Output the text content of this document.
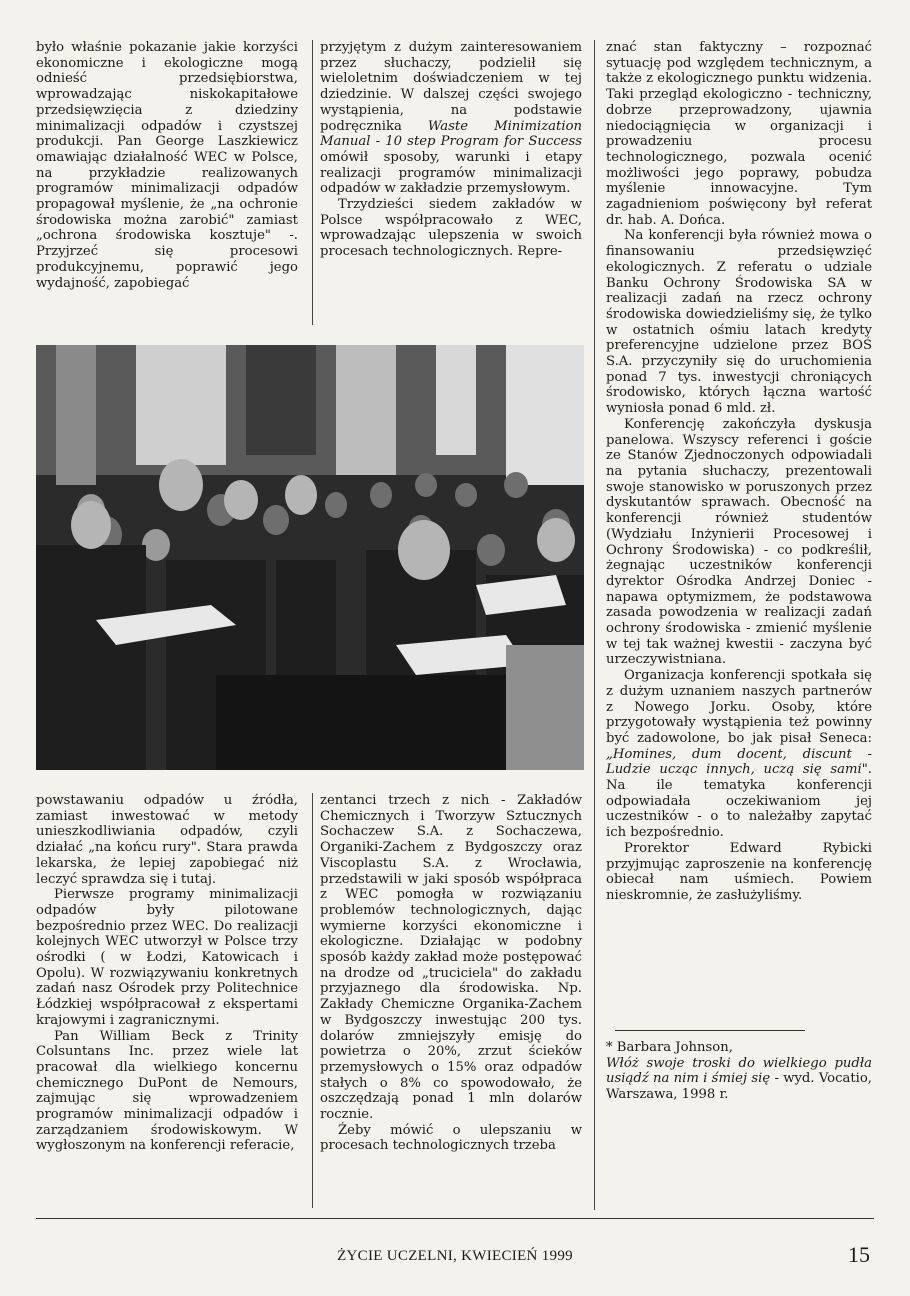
było właśnie pokazanie jakie korzyści ekonomiczne i ekologiczne mogą odnieść przedsiębiorstwa, wprowadzając niskokapitałowe przedsięwzięcia z dziedziny minimalizacji odpadów i czystszej produkcji. Pan George Laszkiewicz omawiając działalność WEC w Polsce, na przykładzie realizowanych programów minimalizacji odpadów propagował myślenie, że „na ochronie środowiska można zarobić" zamiast „ochrona środowiska kosztuje" -. Przyjrzeć się procesowi produkcyjnemu, poprawić jego wydajność, zapobiegać

przyjętym z dużym zainteresowaniem przez słuchaczy, podzielił się wieloletnim doświadczeniem w tej dziedzinie. W dalszej części swojego wystąpienia, na podstawie podręcznika Waste Minimization Manual - 10 step Program for Success omówił sposoby, warunki i etapy realizacji programów minimalizacji odpadów w zakładzie przemysłowym.

Trzydzieści siedem zakładów w Polsce współpracowało z WEC, wprowadzając ulepszenia w swoich procesach technologicznych. Repre-

powstawaniu odpadów u źródła, zamiast inwestować w metody unieszkodliwiania odpadów, czyli działać „na końcu rury". Stara prawda lekarska, że lepiej zapobiegać niż leczyć sprawdza się i tutaj.

Pierwsze programy minimalizacji odpadów były pilotowane bezpośrednio przez WEC. Do realizacji kolejnych WEC utworzył w Polsce trzy ośrodki ( w Łodzi, Katowicach i Opolu). W rozwiązywaniu konkretnych zadań nasz Ośrodek przy Politechnice Łódzkiej współpracował z ekspertami krajowymi i zagranicznymi.

Pan William Beck z Trinity Colsuntans Inc. przez wiele lat pracował dla wielkiego koncernu chemicznego DuPont de Nemours, zajmując się wprowadzeniem programów minimalizacji odpadów i zarządzaniem środowiskowym. W wygłoszonym na konferencji referacie,

zentanci trzech z nich - Zakładów Chemicznych i Tworzyw Sztucznych Sochaczew S.A. z Sochaczewa, Organiki-Zachem z Bydgoszczy oraz Viscoplastu S.A. z Wrocławia, przedstawili w jaki sposób współpraca z WEC pomogła w rozwiązaniu problemów technologicznych, dając wymierne korzyści ekonomiczne i ekologiczne. Działając w podobny sposób każdy zakład może postępować na drodze od „truciciela" do zakładu przyjaznego dla środowiska. Np. Zakłady Chemiczne Organika-Zachem w Bydgoszczy inwestując 200 tys. dolarów zmniejszyły emisję do powietrza o 20%, zrzut ścieków przemysłowych o 15% oraz odpadów stałych o 8% co spowodowało, że oszczędzają ponad 1 mln dolarów rocznie.

Żeby mówić o ulepszaniu w procesach technologicznych trzeba

znać stan faktyczny – rozpoznać sytuację pod względem technicznym, a także z ekologicznego punktu widzenia. Taki przegląd ekologiczno - techniczny, dobrze przeprowadzony, ujawnia niedociągnięcia w organizacji i prowadzeniu procesu technologicznego, pozwala ocenić możliwości jego poprawy, pobudza myślenie innowacyjne. Tym zagadnieniom poświęcony był referat dr. hab. A. Dońca.

Na konferencji była również mowa o finansowaniu przedsięwzięć ekologicznych. Z referatu o udziale Banku Ochrony Środowiska SA w realizacji zadań na rzecz ochrony środowiska dowiedzieliśmy się, że tylko w ostatnich ośmiu latach kredyty preferencyjne udzielone przez BOŚ S.A. przyczyniły się do uruchomienia ponad 7 tys. inwestycji chroniących środowisko, których łączna wartość wyniosła ponad 6 mld. zł.

Konferencję zakończyła dyskusja panelowa. Wszyscy referenci i goście ze Stanów Zjednoczonych odpowiadali na pytania słuchaczy, prezentowali swoje stanowisko w poruszonych przez dyskutantów sprawach. Obecność na konferencji również studentów (Wydziału Inżynierii Procesowej i Ochrony Środowiska) - co podkreślił, żegnając uczestników konferencji dyrektor Ośrodka Andrzej Doniec - napawa optymizmem, że podstawowa zasada powodzenia w realizacji zadań ochrony środowiska - zmienić myślenie w tej tak ważnej kwestii - zaczyna być urzeczywistniana.

Organizacja konferencji spotkała się z dużym uznaniem naszych partnerów z Nowego Jorku. Osoby, które przygotowały wystąpienia też powinny być zadowolone, bo jak pisał Seneca: „Homines, dum docent, discunt - Ludzie ucząc innych, uczą się sami". Na ile tematyka konferencji odpowiadała oczekiwaniom jej uczestników - o to należałby zapytać ich bezpośrednio.

Prorektor Edward Rybicki przyjmując zaproszenie na konferencję obiecał nam uśmiech. Powiem nieskromnie, że zasłużyliśmy.

* Barbara Johnson,

Włóż swoje troski do wielkiego pudła usiądź na nim i śmiej się - wyd. Vocatio, Warszawa, 1998 r.

ŻYCIE UCZELNI, KWIECIEŃ 1999	15
